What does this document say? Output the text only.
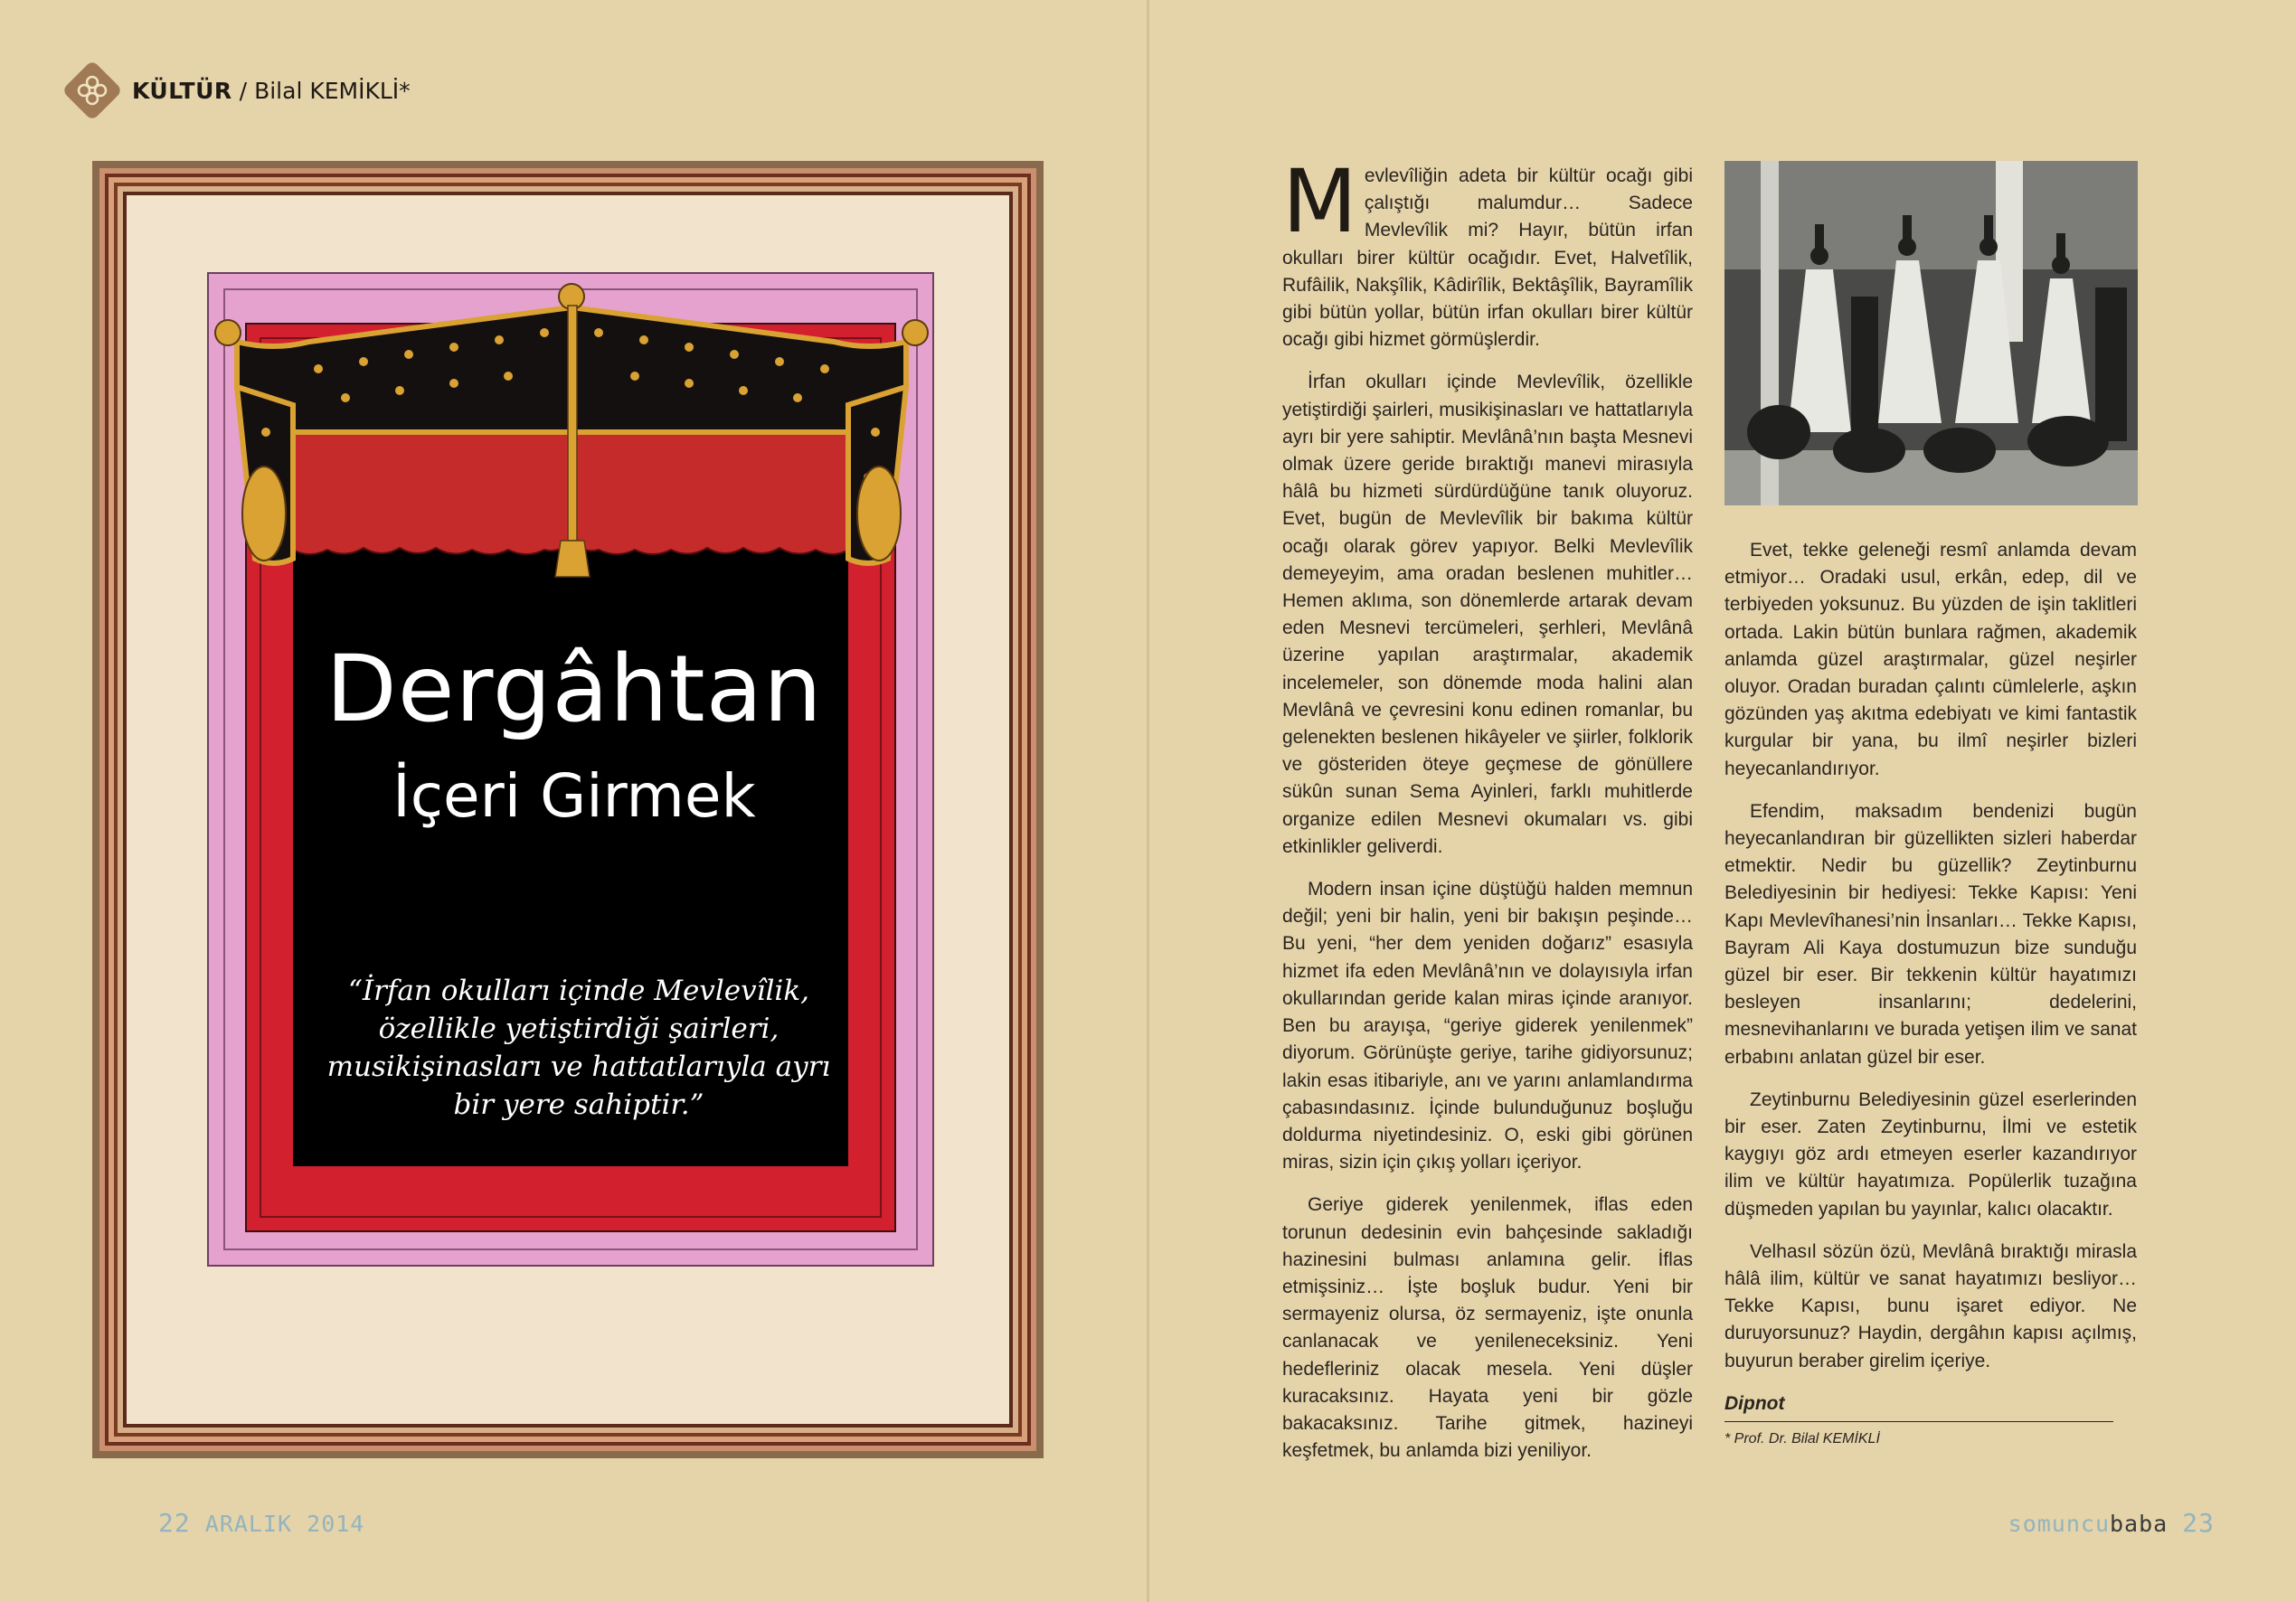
KÜLTÜR / Bilal KEMİKLİ*
Dergâhtan
İçeri Girmek
“İrfan okulları içinde Mevlevîlik, özellikle yetiştirdiği şairleri, musikişinasları ve hattatlarıyla ayrı bir yere sahiptir.”
22 ARALIK 2014

Mevlevîliğin adeta bir kültür ocağı gibi çalıştığı malumdur… Sadece Mevlevîlik mi? Hayır, bütün irfan okulları birer kültür ocağıdır. Evet, Halvetîlik, Rufâilik, Nakşîlik, Kâdirîlik, Bektâşîlik, Bayramîlik gibi bütün yollar, bütün irfan okulları birer kültür ocağı gibi hizmet görmüşlerdir.

İrfan okulları içinde Mevlevîlik, özellikle yetiştirdiği şairleri, musikişinasları ve hattatlarıyla ayrı bir yere sahiptir. Mevlânâ’nın başta Mesnevi olmak üzere geride bıraktığı manevi mirasıyla hâlâ bu hizmeti sürdürdüğüne tanık oluyoruz. Evet, bugün de Mevlevîlik bir bakıma kültür ocağı olarak görev yapıyor. Belki Mevlevîlik demeyeyim, ama oradan beslenen muhitler… Hemen aklıma, son dönemlerde artarak devam eden Mesnevi tercümeleri, şerhleri, Mevlânâ üzerine yapılan araştırmalar, akademik incelemeler, son dönemde moda halini alan Mevlânâ ve çevresini konu edinen romanlar, bu gelenekten beslenen hikâyeler ve şiirler, folklorik ve gösteriden öteye geçmese de gönüllere sükûn sunan Sema Ayinleri, farklı muhitlerde organize edilen Mesnevi okumaları vs. gibi etkinlikler geliverdi.

Modern insan içine düştüğü halden memnun değil; yeni bir halin, yeni bir bakışın peşinde… Bu yeni, “her dem yeniden doğarız” esasıyla hizmet ifa eden Mevlânâ’nın ve dolayısıyla irfan okullarından geride kalan miras içinde aranıyor. Ben bu arayışa, “geriye giderek yenilenmek” diyorum. Görünüşte geriye, tarihe gidiyorsunuz; lakin esas itibariyle, anı ve yarını anlamlandırma çabasındasınız. İçinde bulunduğunuz boşluğu doldurma niyetindesiniz. O, eski gibi görünen miras, sizin için çıkış yolları içeriyor.

Geriye giderek yenilenmek, iflas eden torunun dedesinin evin bahçesinde sakladığı hazinesini bulması anlamına gelir. İflas etmişsiniz… İşte boşluk budur. Yeni bir sermayeniz olursa, öz sermayeniz, işte onunla canlanacak ve yenileneceksiniz. Yeni hedefleriniz olacak mesela. Yeni düşler kuracaksınız. Hayata yeni bir gözle bakacaksınız. Tarihe gitmek, hazineyi keşfetmek, bu anlamda bizi yeniliyor.

Evet, tekke geleneği resmî anlamda devam etmiyor… Oradaki usul, erkân, edep, dil ve terbiyeden yoksunuz. Bu yüzden de işin taklitleri ortada. Lakin bütün bunlara rağmen, akademik anlamda güzel araştırmalar, güzel neşirler oluyor. Oradan buradan çalıntı cümlelerle, aşkın gözünden yaş akıtma edebiyatı ve kimi fantastik kurgular bir yana, bu ilmî neşirler bizleri heyecanlandırıyor.

Efendim, maksadım bendenizi bugün heyecanlandıran bir güzellikten sizleri haberdar etmektir. Nedir bu güzellik? Zeytinburnu Belediyesinin bir hediyesi: Tekke Kapısı: Yeni Kapı Mevlevîhanesi’nin İnsanları… Tekke Kapısı, Bayram Ali Kaya dostumuzun bize sunduğu güzel bir eser. Bir tekkenin kültür hayatımızı besleyen insanlarını; dedelerini, mesnevihanlarını ve burada yetişen ilim ve sanat erbabını anlatan güzel bir eser.

Zeytinburnu Belediyesinin güzel eserlerinden bir eser. Zaten Zeytinburnu, İlmi ve estetik kaygıyı göz ardı etmeyen eserler kazandırıyor ilim ve kültür hayatımıza. Popülerlik tuzağına düşmeden yapılan bu yayınlar, kalıcı olacaktır.

Velhasıl sözün özü, Mevlânâ bıraktığı mirasla hâlâ ilim, kültür ve sanat hayatımızı besliyor… Tekke Kapısı, bunu işaret ediyor. Ne duruyorsunuz? Haydin, dergâhın kapısı açılmış, buyurun beraber girelim içeriye.

Dipnot
* Prof. Dr. Bilal KEMİKLİ
somuncubaba 23
